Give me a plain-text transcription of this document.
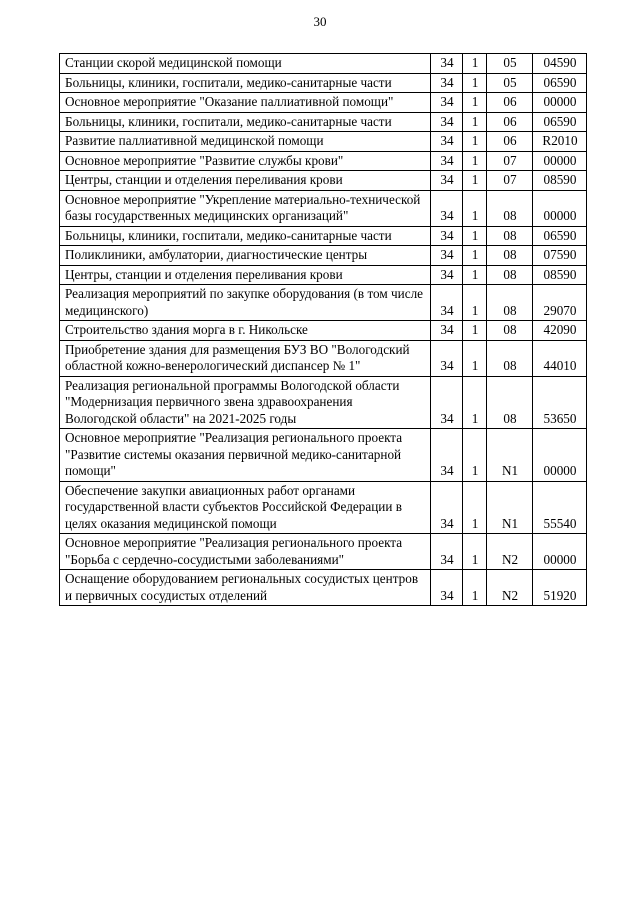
30
Станции скорой медицинской помощи	34	1	05	04590
Больницы, клиники, госпитали, медико-санитарные части	34	1	05	06590
Основное мероприятие "Оказание паллиативной помощи"	34	1	06	00000
Больницы, клиники, госпитали, медико-санитарные части	34	1	06	06590
Развитие паллиативной медицинской помощи	34	1	06	R2010
Основное мероприятие "Развитие службы крови"	34	1	07	00000
Центры, станции и отделения переливания крови	34	1	07	08590
Основное мероприятие "Укрепление материально-технической базы государственных медицинских организаций"	34	1	08	00000
Больницы, клиники, госпитали, медико-санитарные части	34	1	08	06590
Поликлиники, амбулатории, диагностические центры	34	1	08	07590
Центры, станции и отделения переливания крови	34	1	08	08590
Реализация мероприятий по закупке оборудования (в том числе медицинского)	34	1	08	29070
Строительство здания морга в г. Никольске	34	1	08	42090
Приобретение здания для размещения БУЗ ВО "Вологодский областной кожно-венерологический диспансер № 1"	34	1	08	44010
Реализация региональной программы Вологодской области "Модернизация первичного звена здравоохранения Вологодской области" на 2021-2025 годы	34	1	08	53650
Основное мероприятие "Реализация регионального проекта "Развитие системы оказания первичной медико-санитарной помощи"	34	1	N1	00000
Обеспечение закупки авиационных работ органами государственной власти субъектов Российской Федерации в целях оказания медицинской помощи	34	1	N1	55540
Основное мероприятие "Реализация регионального проекта "Борьба с сердечно-сосудистыми заболеваниями"	34	1	N2	00000
Оснащение оборудованием региональных сосудистых центров и первичных сосудистых отделений	34	1	N2	51920
